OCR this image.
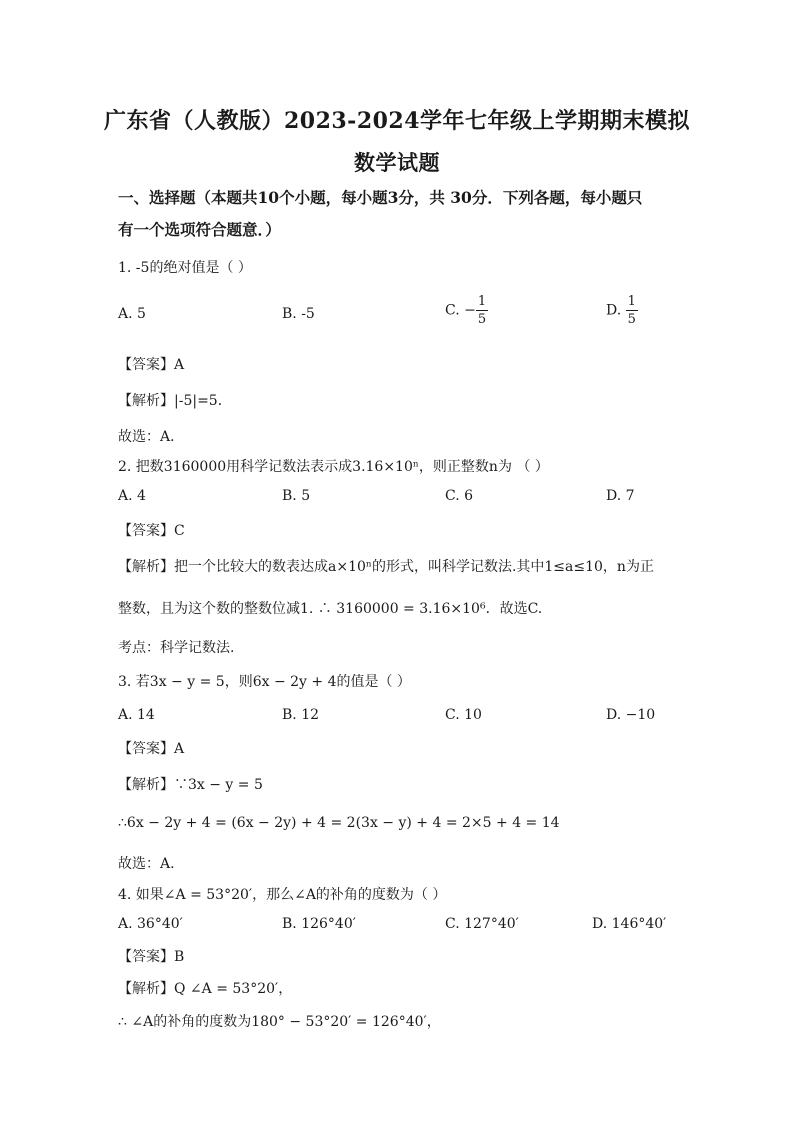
广东省（人教版）2023-2024学年七年级上学期期末模拟
数学试题
一、选择题（本题共10个小题，每小题3分，共 30分．下列各题，每小题只
有一个选项符合题意．）
1. -5的绝对值是（ ）
A. 5	B. -5	C. − $\frac{1}{5}$	D. $\frac{1}{5}$
【答案】A
【解析】|-5|=5．
故选：A．
2. 把数3160000用科学记数法表示成3.16×10ⁿ，则正整数n为 （ ）
A. 4	B. 5	C. 6	D. 7
【答案】C
【解析】把一个比较大的数表达成a×10ⁿ的形式，叫科学记数法.其中1≤a≤10，n为正
整数，且为这个数的整数位减1. ∴ 3160000 = 3.16×10⁶．故选C.
考点：科学记数法.
3. 若3x − y = 5，则6x − 2y + 4的值是（ ）
A. 14	B. 12	C. 10	D. −10
【答案】A
【解析】∵3x − y = 5
∴6x − 2y + 4 = (6x − 2y) + 4 = 2(3x − y) + 4 = 2×5 + 4 = 14
故选：A.
4. 如果∠A = 53°20′，那么∠A的补角的度数为（ ）
A. 36°40′	B. 126°40′	C. 127°40′	D. 146°40′
【答案】B
【解析】Q ∠A = 53°20′，
∴ ∠A的补角的度数为180° − 53°20′ = 126°40′，
